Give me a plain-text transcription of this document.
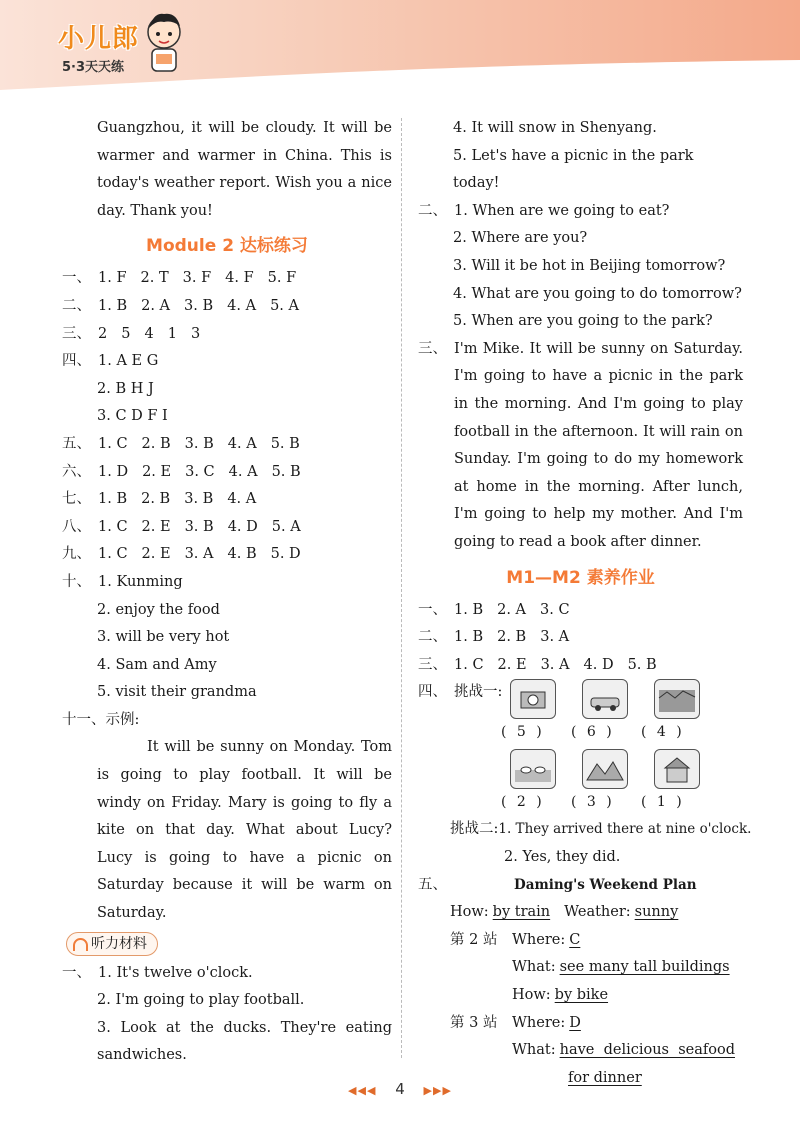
小儿郎
5·3天天练

Guangzhou, it will be cloudy. It will be warmer and warmer in China. This is today's weather report. Wish you a nice day. Thank you!

Module 2 达标练习
一、 1. F 2. T 3. F 4. F 5. F
二、 1. B 2. A 3. B 4. A 5. A
三、 2 5 4 1 3
四、 1. A E G
2. B H J
3. C D F I
五、 1. C 2. B 3. B 4. A 5. B
六、 1. D 2. E 3. C 4. A 5. B
七、 1. B 2. B 3. B 4. A
八、 1. C 2. E 3. B 4. D 5. A
九、 1. C 2. E 3. A 4. B 5. D
十、 1. Kunming
2. enjoy the food
3. will be very hot
4. Sam and Amy
5. visit their grandma
十一、示例:

It will be sunny on Monday. Tom is going to play football. It will be windy on Friday. Mary is going to fly a kite on that day. What about Lucy? Lucy is going to have a picnic on Saturday because it will be warm on Saturday.

听力材料
一、 1. It's twelve o'clock.
2. I'm going to play football.

3. Look at the ducks. They're eating sandwiches.

4. It will snow in Shenyang.
5. Let's have a picnic in the park today!
二、 1. When are we going to eat?
2. Where are you?
3. Will it be hot in Beijing tomorrow?
4. What are you going to do tomorrow?
5. When are you going to the park?
三、 I'm Mike. It will be sunny on Saturday. I'm going to have a picnic in the park in the morning. And I'm going to play football in the afternoon. It will rain on Sunday. I'm going to do my homework at home in the morning. After lunch, I'm going to help my mother. And I'm going to read a book after dinner.

M1—M2 素养作业
一、 1. B 2. A 3. C
二、 1. B 2. B 3. A
三、 1. C 2. E 3. A 4. D 5. B
四、 挑战一:
( 5 )	( 6 )	( 4 )
( 2 )	( 3 )	( 1 )
挑战二: 1. They arrived there at nine o'clock.
2. Yes, they did.
五、	Daming's Weekend Plan
How: by train Weather: sunny
第 2 站	Where: C
What: see many tall buildings
How: by bike
第 3 站	Where: D
What: have  delicious  seafood
for dinner
◀◀◀ 4 ▶▶▶
